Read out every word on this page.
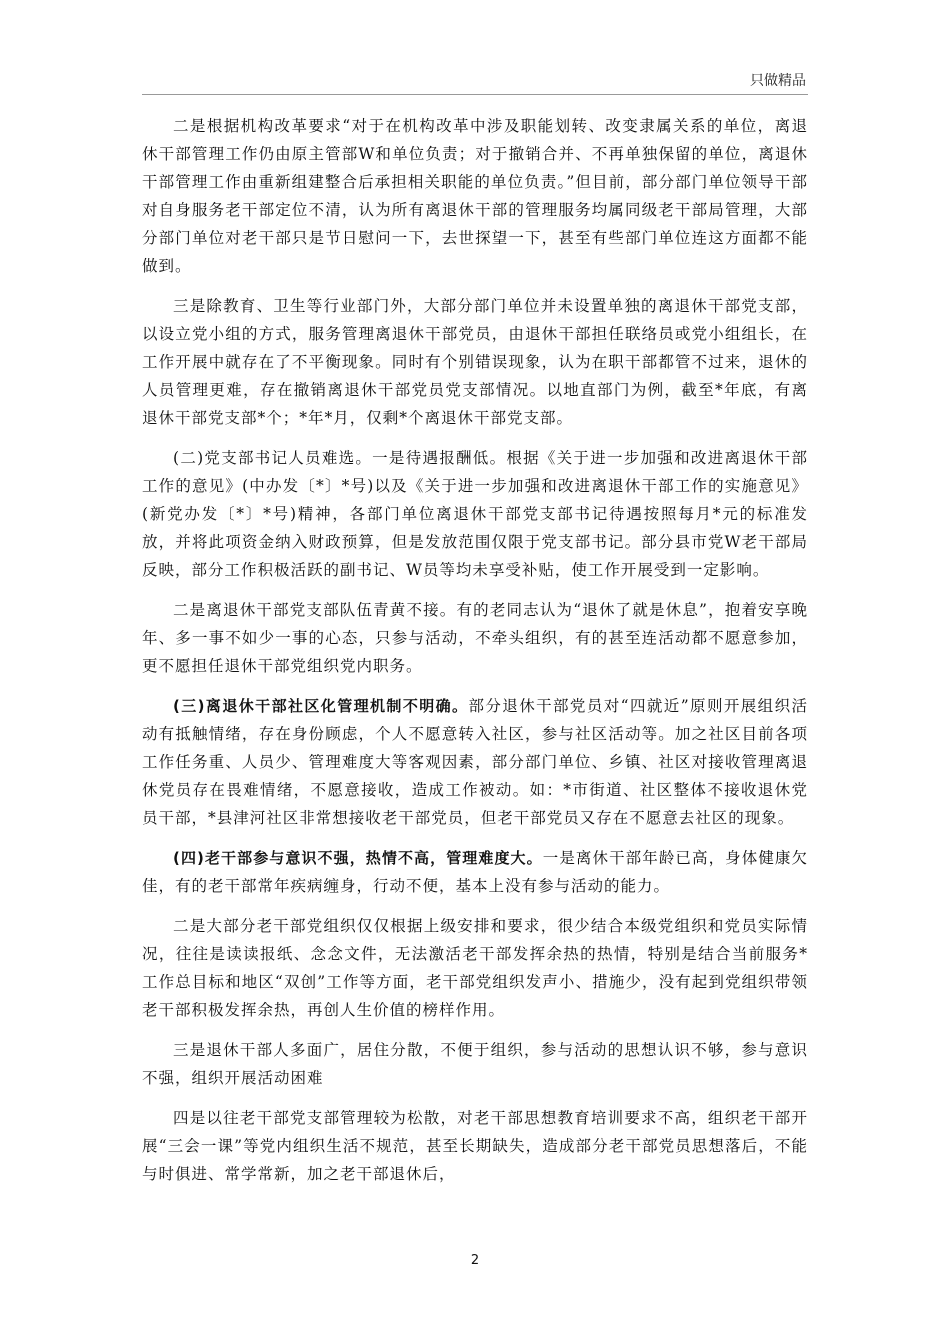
只做精品

二是根据机构改革要求“对于在机构改革中涉及职能划转、改变隶属关系的单位，离退休干部管理工作仍由原主管部W和单位负责；对于撤销合并、不再单独保留的单位，离退休干部管理工作由重新组建整合后承担相关职能的单位负责。”但目前，部分部门单位领导干部对自身服务老干部定位不清，认为所有离退休干部的管理服务均属同级老干部局管理，大部分部门单位对老干部只是节日慰问一下，去世探望一下，甚至有些部门单位连这方面都不能做到。

三是除教育、卫生等行业部门外，大部分部门单位并未设置单独的离退休干部党支部，以设立党小组的方式，服务管理离退休干部党员，由退休干部担任联络员或党小组组长，在工作开展中就存在了不平衡现象。同时有个别错误现象，认为在职干部都管不过来，退休的人员管理更难，存在撤销离退休干部党员党支部情况。以地直部门为例，截至*年底，有离退休干部党支部*个；*年*月，仅剩*个离退休干部党支部。

(二)党支部书记人员难选。一是待遇报酬低。根据《关于进一步加强和改进离退休干部工作的意见》(中办发〔*〕*号)以及《关于进一步加强和改进离退休干部工作的实施意见》(新党办发〔*〕*号)精神，各部门单位离退休干部党支部书记待遇按照每月*元的标准发放，并将此项资金纳入财政预算，但是发放范围仅限于党支部书记。部分县市党W老干部局反映，部分工作积极活跃的副书记、W员等均未享受补贴，使工作开展受到一定影响。

二是离退休干部党支部队伍青黄不接。有的老同志认为“退休了就是休息”，抱着安享晚年、多一事不如少一事的心态，只参与活动，不牵头组织，有的甚至连活动都不愿意参加，更不愿担任退休干部党组织党内职务。

(三)离退休干部社区化管理机制不明确。部分退休干部党员对“四就近”原则开展组织活动有抵触情绪，存在身份顾虑，个人不愿意转入社区，参与社区活动等。加之社区目前各项工作任务重、人员少、管理难度大等客观因素，部分部门单位、乡镇、社区对接收管理离退休党员存在畏难情绪，不愿意接收，造成工作被动。如：*市街道、社区整体不接收退休党员干部，*县津河社区非常想接收老干部党员，但老干部党员又存在不愿意去社区的现象。

(四)老干部参与意识不强，热情不高，管理难度大。一是离休干部年龄已高，身体健康欠佳，有的老干部常年疾病缠身，行动不便，基本上没有参与活动的能力。

二是大部分老干部党组织仅仅根据上级安排和要求，很少结合本级党组织和党员实际情况，往往是读读报纸、念念文件，无法激活老干部发挥余热的热情，特别是结合当前服务*工作总目标和地区“双创”工作等方面，老干部党组织发声小、措施少，没有起到党组织带领老干部积极发挥余热，再创人生价值的榜样作用。

三是退休干部人多面广，居住分散，不便于组织，参与活动的思想认识不够，参与意识不强，组织开展活动困难

四是以往老干部党支部管理较为松散，对老干部思想教育培训要求不高，组织老干部开展“三会一课”等党内组织生活不规范，甚至长期缺失，造成部分老干部党员思想落后，不能与时俱进、常学常新，加之老干部退休后，

2
